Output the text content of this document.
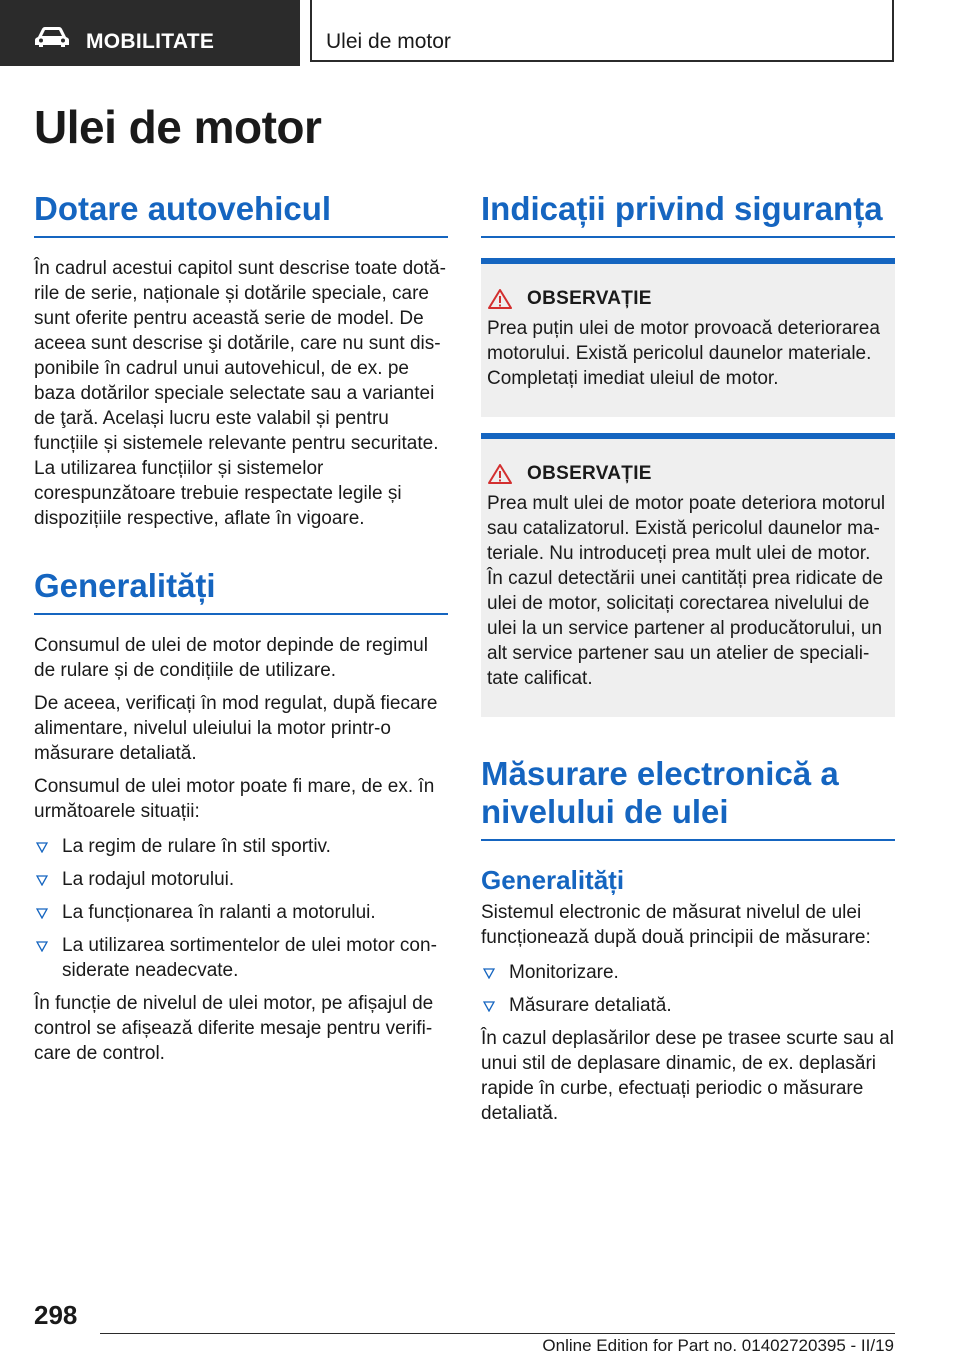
MOBILITATE	Ulei de motor
Ulei de motor
Dotare autovehicul

În cadrul acestui capitol sunt descrise toate dotările de serie, naționale și dotările speciale, care sunt oferite pentru această serie de model. De aceea sunt descrise şi dotările, care nu sunt disponibile în cadrul unui autovehicul, de ex. pe baza dotărilor speciale selectate sau a variantei de ţară. Același lucru este valabil și pentru funcțiile și sistemele relevante pentru securitate. La utilizarea funcțiilor și sistemelor corespunzătoare trebuie respectate legile și dispozițiile respective, aflate în vigoare.

Generalități

Consumul de ulei de motor depinde de regimul de rulare și de condițiile de utilizare.

De aceea, verificați în mod regulat, după fiecare alimentare, nivelul uleiului la motor printr-o măsurare detaliată.

Consumul de ulei motor poate fi mare, de ex. în următoarele situații:

La regim de rulare în stil sportiv.
La rodajul motorului.
La funcționarea în ralanti a motorului.
La utilizarea sortimentelor de ulei motor considerate neadecvate.

În funcție de nivelul de ulei motor, pe afișajul de control se afișează diferite mesaje pentru verificare de control.

Indicații privind siguranța
OBSERVAȚIE

Prea puțin ulei de motor provoacă deteriorarea motorului. Există pericolul daunelor materiale. Completați imediat uleiul de motor.

OBSERVAȚIE

Prea mult ulei de motor poate deteriora motorul sau catalizatorul. Există pericolul daunelor materiale. Nu introduceți prea mult ulei de motor. În cazul detectării unei cantități prea ridicate de ulei de motor, solicitați corectarea nivelului de ulei la un service partener al producătorului, un alt service partener sau un atelier de specialitate calificat.

Măsurare electronică a nivelului de ulei
Generalități

Sistemul electronic de măsurat nivelul de ulei funcționează după două principii de măsurare:

Monitorizare.
Măsurare detaliată.

În cazul deplasărilor dese pe trasee scurte sau al unui stil de deplasare dinamic, de ex. deplasări rapide în curbe, efectuați periodic o măsurare detaliată.

298
Online Edition for Part no. 01402720395 - II/19
